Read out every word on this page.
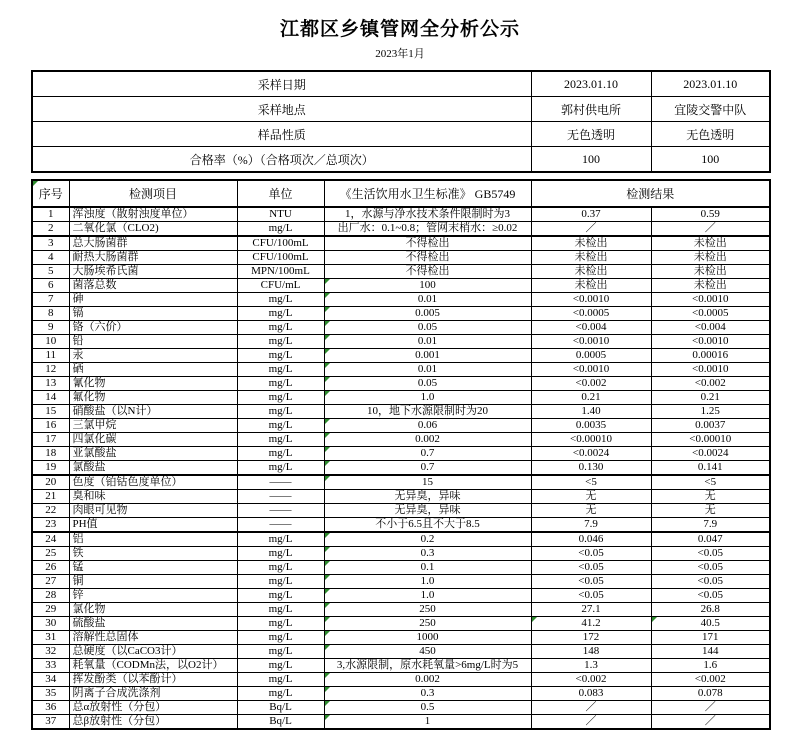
江都区乡镇管网全分析公示
2023年1月
采样日期	2023.01.10	2023.01.10
采样地点	郭村供电所	宜陵交警中队
样品性质	无色透明	无色透明
合格率（%）（合格项次／总项次）	100	100
序号	检测项目	单位	《生活饮用水卫生标准》 GB5749	检测结果	
1	浑浊度（散射浊度单位）	NTU	1，水源与净水技术条件限制时为3	0.37	0.59
2	二氧化氯（CLO2)	mg/L	出厂水：0.1~0.8；管网末梢水：≥0.02	／	／
3	总大肠菌群	CFU/100mL	不得检出	未检出	未检出
4	耐热大肠菌群	CFU/100mL	不得检出	未检出	未检出
5	大肠埃希氏菌	MPN/100mL	不得检出	未检出	未检出
6	菌落总数	CFU/mL	100	未检出	未检出
7	砷	mg/L	0.01	<0.0010	<0.0010
8	镉	mg/L	0.005	<0.0005	<0.0005
9	铬（六价）	mg/L	0.05	<0.004	<0.004
10	铅	mg/L	0.01	<0.0010	<0.0010
11	汞	mg/L	0.001	0.0005	0.00016
12	硒	mg/L	0.01	<0.0010	<0.0010
13	氰化物	mg/L	0.05	<0.002	<0.002
14	氟化物	mg/L	1.0	0.21	0.21
15	硝酸盐（以N计）	mg/L	10，地下水源限制时为20	1.40	1.25
16	三氯甲烷	mg/L	0.06	0.0035	0.0037
17	四氯化碳	mg/L	0.002	<0.00010	<0.00010
18	亚氯酸盐	mg/L	0.7	<0.0024	<0.0024
19	氯酸盐	mg/L	0.7	0.130	0.141
20	色度（铂钴色度单位）	——	15	<5	<5
21	臭和味	——	无异臭，异味	无	无
22	肉眼可见物	——	无异臭，异味	无	无
23	PH值	——	不小于6.5且不大于8.5	7.9	7.9
24	铝	mg/L	0.2	0.046	0.047
25	铁	mg/L	0.3	<0.05	<0.05
26	锰	mg/L	0.1	<0.05	<0.05
27	铜	mg/L	1.0	<0.05	<0.05
28	锌	mg/L	1.0	<0.05	<0.05
29	氯化物	mg/L	250	27.1	26.8
30	硫酸盐	mg/L	250	41.2	40.5
31	溶解性总固体	mg/L	1000	172	171
32	总硬度（以CaCO3计）	mg/L	450	148	144
33	耗氧量（CODMn法，以O2计）	mg/L	3,水源限制，原水耗氧量>6mg/L时为5	1.3	1.6
34	挥发酚类（以苯酚计）	mg/L	0.002	<0.002	<0.002
35	阴离子合成洗涤剂	mg/L	0.3	0.083	0.078
36	总α放射性（分包）	Bq/L	0.5	／	／
37	总β放射性（分包）	Bq/L	1	／	／
